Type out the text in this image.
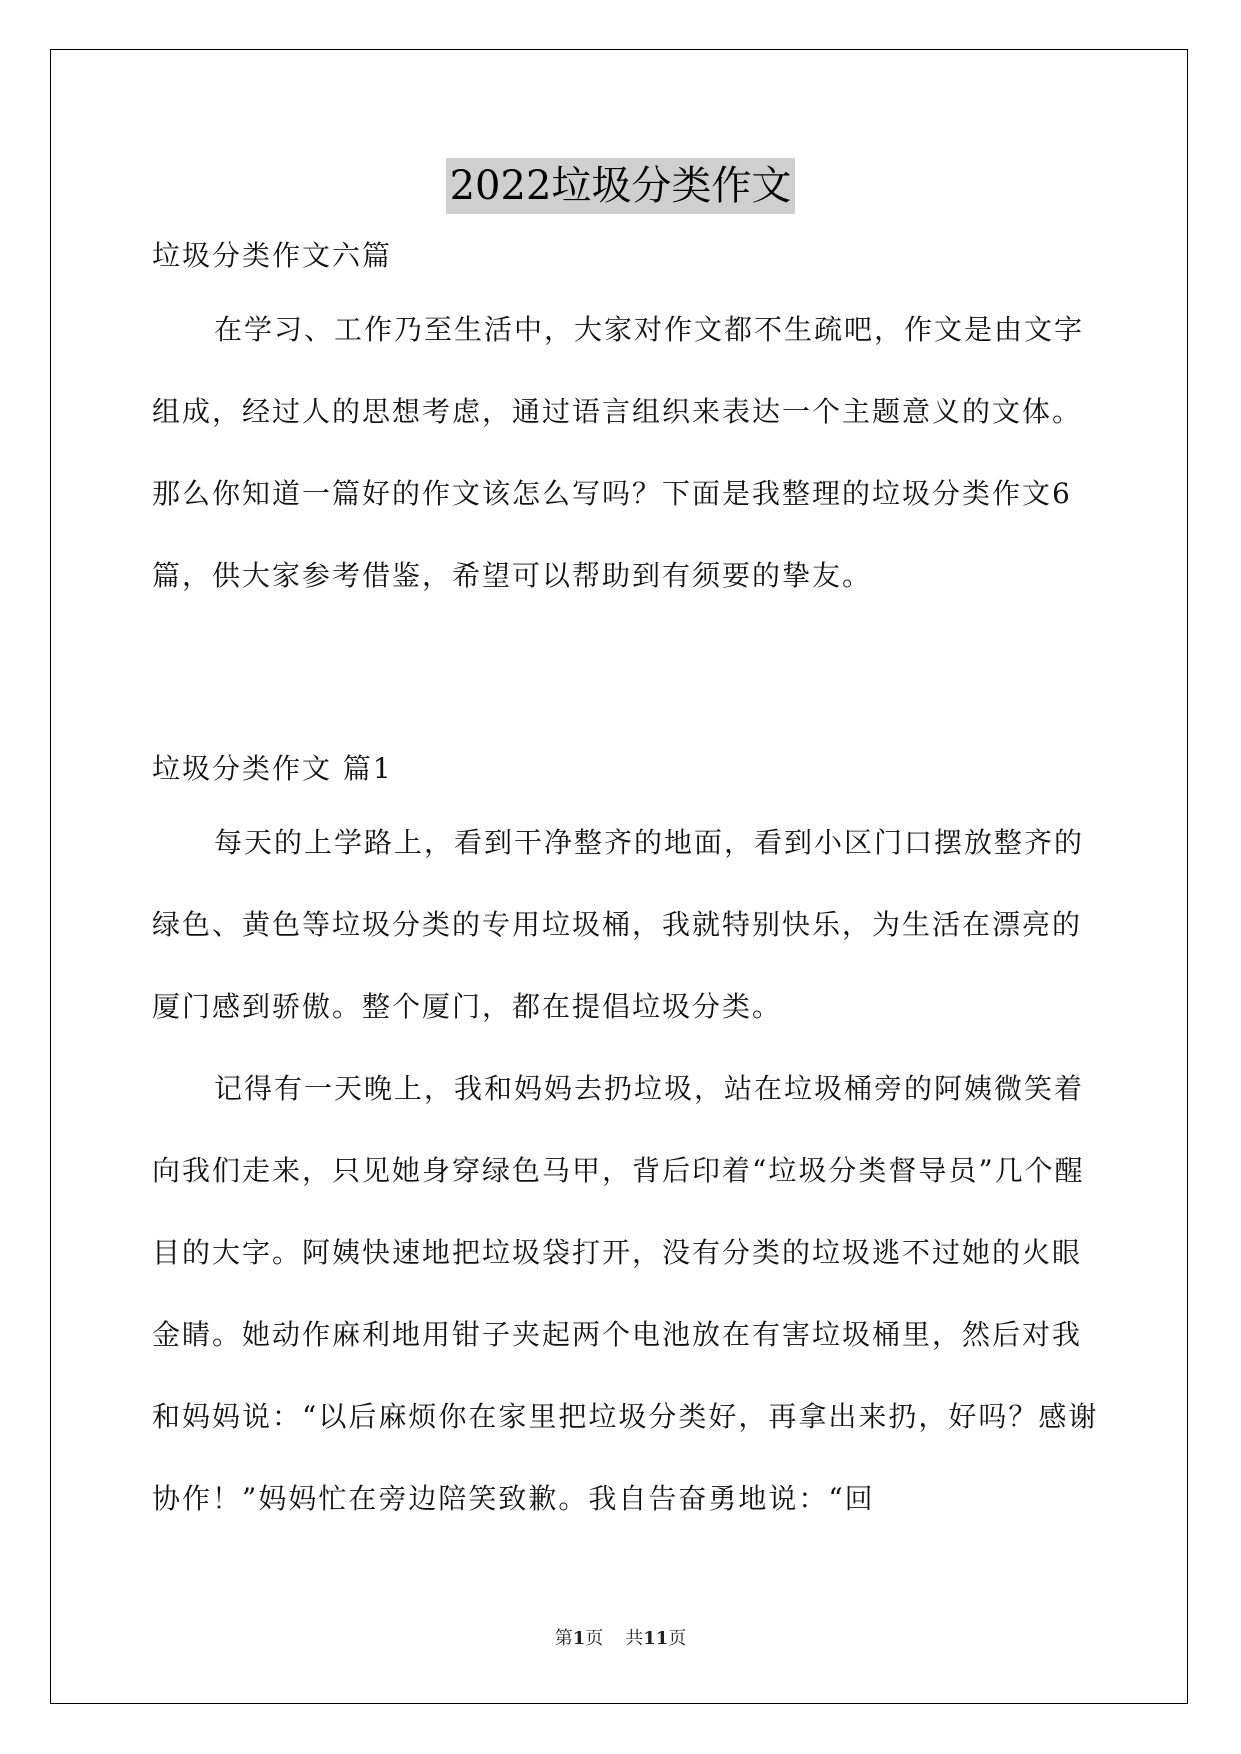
2022垃圾分类作文

垃圾分类作文六篇

在学习、工作乃至生活中，大家对作文都不生疏吧，作文是由文字组成，经过人的思想考虑，通过语言组织来表达一个主题意义的文体。那么你知道一篇好的作文该怎么写吗？下面是我整理的垃圾分类作文6篇，供大家参考借鉴，希望可以帮助到有须要的挚友。

垃圾分类作文 篇1

每天的上学路上，看到干净整齐的地面，看到小区门口摆放整齐的绿色、黄色等垃圾分类的专用垃圾桶，我就特别快乐，为生活在漂亮的厦门感到骄傲。整个厦门，都在提倡垃圾分类。

记得有一天晚上，我和妈妈去扔垃圾，站在垃圾桶旁的阿姨微笑着向我们走来，只见她身穿绿色马甲，背后印着“垃圾分类督导员”几个醒目的大字。阿姨快速地把垃圾袋打开，没有分类的垃圾逃不过她的火眼金睛。她动作麻利地用钳子夹起两个电池放在有害垃圾桶里，然后对我和妈妈说：“以后麻烦你在家里把垃圾分类好，再拿出来扔，好吗？感谢协作！”妈妈忙在旁边陪笑致歉。我自告奋勇地说：“回

第1页 共11页
